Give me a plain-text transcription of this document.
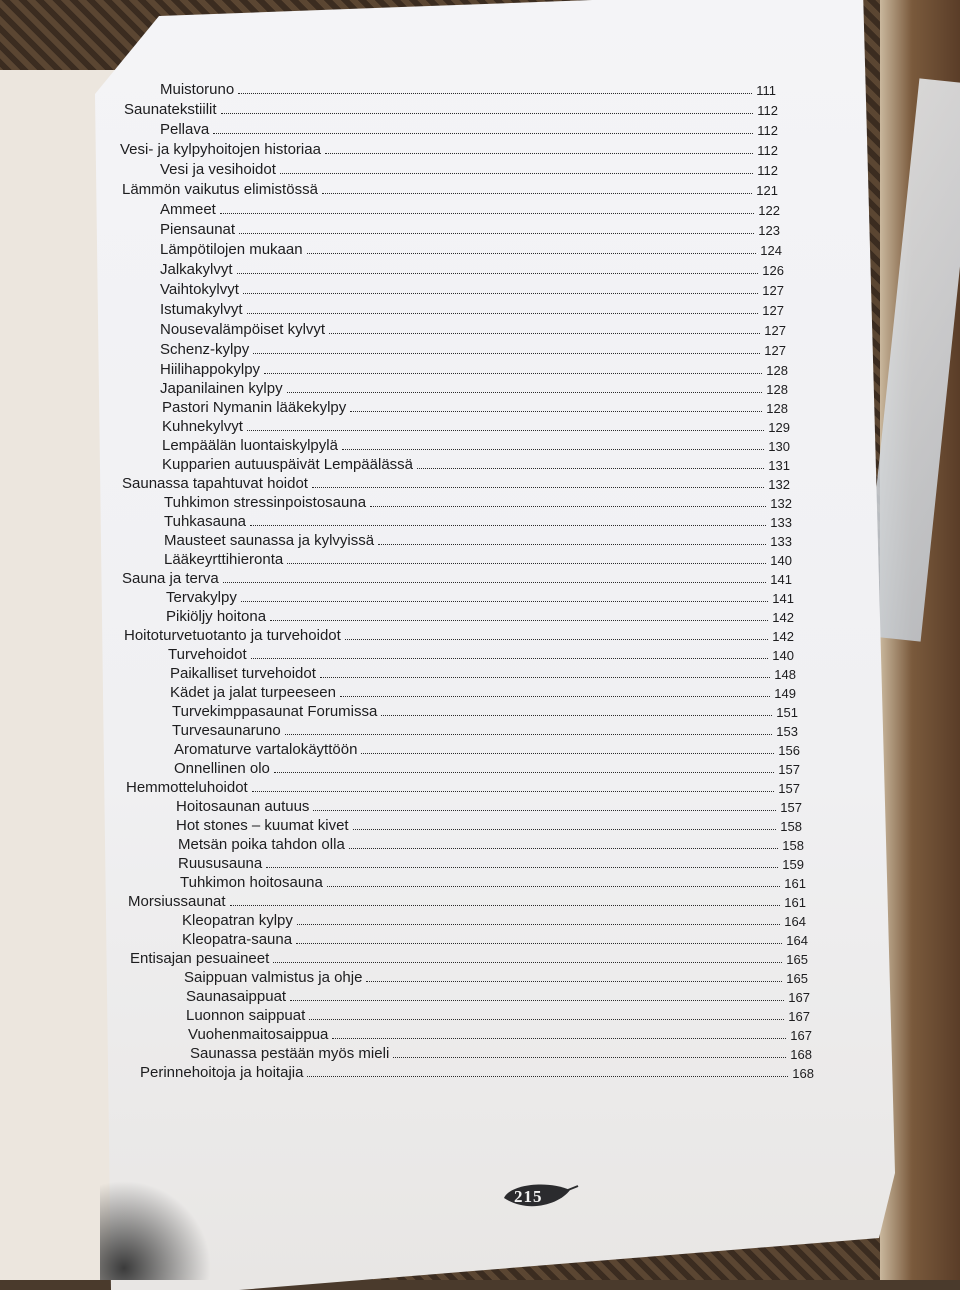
Muistoruno	111
Saunatekstiilit	112
Pellava	112
Vesi- ja kylpyhoitojen historiaa	112
Vesi ja vesihoidot	112
Lämmön vaikutus elimistössä	121
Ammeet	122
Piensaunat	123
Lämpötilojen mukaan	124
Jalkakylvyt	126
Vaihtokylvyt	127
Istumakylvyt	127
Nousevalämpöiset kylvyt	127
Schenz-kylpy	127
Hiilihappokylpy	128
Japanilainen kylpy	128
Pastori Nymanin lääkekylpy	128
Kuhnekylvyt	129
Lempäälän luontaiskylpylä	130
Kupparien autuuspäivät Lempäälässä	131
Saunassa tapahtuvat hoidot	132
Tuhkimon stressinpoistosauna	132
Tuhkasauna	133
Mausteet saunassa ja kylvyissä	133
Lääkeyrttihieronta	140
Sauna ja terva	141
Tervakylpy	141
Pikiöljy hoitona	142
Hoitoturvetuotanto ja turvehoidot	142
Turvehoidot	140
Paikalliset turvehoidot	148
Kädet ja jalat turpeeseen	149
Turvekimppasaunat Forumissa	151
Turvesaunaruno	153
Aromaturve vartalokäyttöön	156
Onnellinen olo	157
Hemmotteluhoidot	157
Hoitosaunan autuus	157
Hot stones – kuumat kivet	158
Metsän poika tahdon olla	158
Ruususauna	159
Tuhkimon hoitosauna	161
Morsiussaunat	161
Kleopatran kylpy	164
Kleopatra-sauna	164
Entisajan pesuaineet	165
Saippuan valmistus ja ohje	165
Saunasaippuat	167
Luonnon saippuat	167
Vuohenmaitosaippua	167
Saunassa pestään myös mieli	168
Perinnehoitoja ja hoitajia	168
215
